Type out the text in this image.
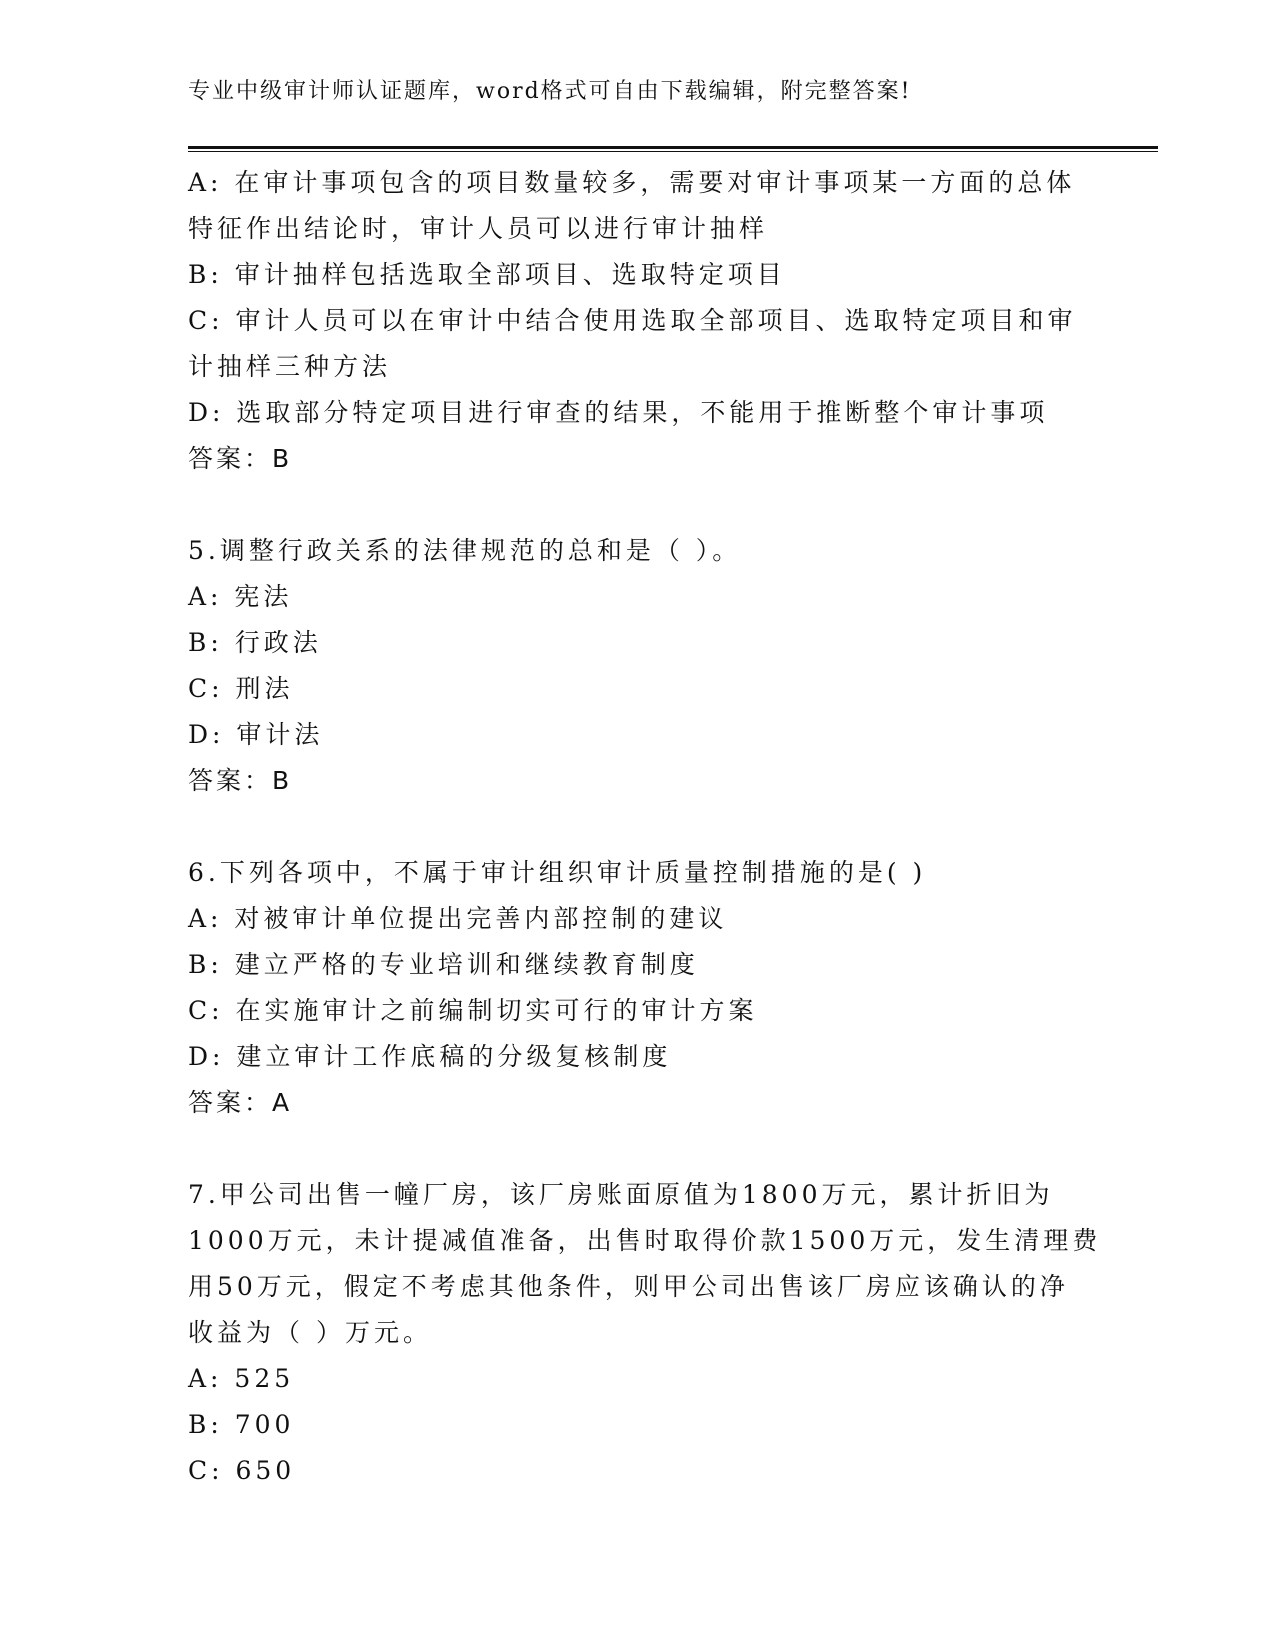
专业中级审计师认证题库，word格式可自由下载编辑，附完整答案!
A: 在审计事项包含的项目数量较多，需要对审计事项某一方面的总体
特征作出结论时，审计人员可以进行审计抽样
B: 审计抽样包括选取全部项目、选取特定项目
C: 审计人员可以在审计中结合使用选取全部项目、选取特定项目和审
计抽样三种方法
D: 选取部分特定项目进行审查的结果，不能用于推断整个审计事项
答案：B
5.调整行政关系的法律规范的总和是（ ）。
A: 宪法
B: 行政法
C: 刑法
D: 审计法
答案：B
6.下列各项中，不属于审计组织审计质量控制措施的是( )
A: 对被审计单位提出完善内部控制的建议
B: 建立严格的专业培训和继续教育制度
C: 在实施审计之前编制切实可行的审计方案
D: 建立审计工作底稿的分级复核制度
答案：A
7.甲公司出售一幢厂房，该厂房账面原值为1800万元，累计折旧为
1000万元，未计提减值准备，出售时取得价款1500万元，发生清理费
用50万元，假定不考虑其他条件，则甲公司出售该厂房应该确认的净
收益为（ ）万元。
A: 525
B: 700
C: 650
